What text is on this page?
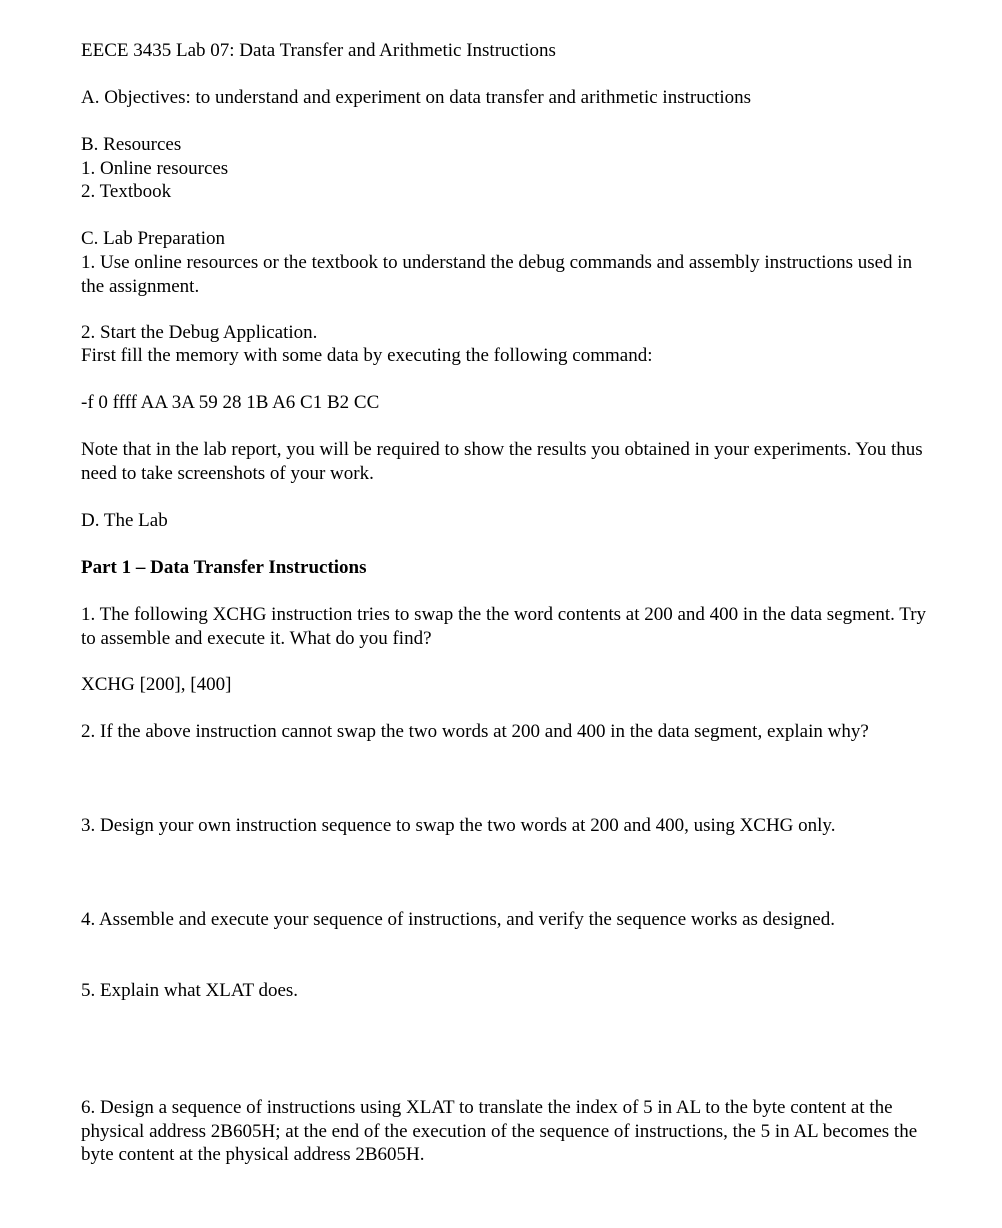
EECE 3435 Lab 07: Data Transfer and Arithmetic Instructions
A. Objectives: to understand and experiment on data transfer and arithmetic instructions
B. Resources
1. Online resources
2. Textbook
C. Lab Preparation
1. Use online resources or the textbook to understand the debug commands and assembly instructions used in the assignment.
2. Start the Debug Application.
First fill the memory with some data by executing the following command:
-f 0 ffff AA 3A 59 28 1B A6 C1 B2 CC
Note that in the lab report, you will be required to show the results you obtained in your experiments. You thus need to take screenshots of your work.
D. The Lab
Part 1 – Data Transfer Instructions
1. The following XCHG instruction tries to swap the the word contents at 200 and 400 in the data segment. Try to assemble and execute it. What do you find?
XCHG [200], [400]
2. If the above instruction cannot swap the two words at 200 and 400 in the data segment, explain why?
3. Design your own instruction sequence to swap the two words at 200 and 400, using XCHG only.
4. Assemble and execute your sequence of instructions, and verify the sequence works as designed.
5. Explain what XLAT does.
6. Design a sequence of instructions using XLAT to translate the index of 5 in AL to the byte content at the physical address 2B605H; at the end of the execution of the sequence of instructions, the 5 in AL becomes the byte content at the physical address 2B605H.
